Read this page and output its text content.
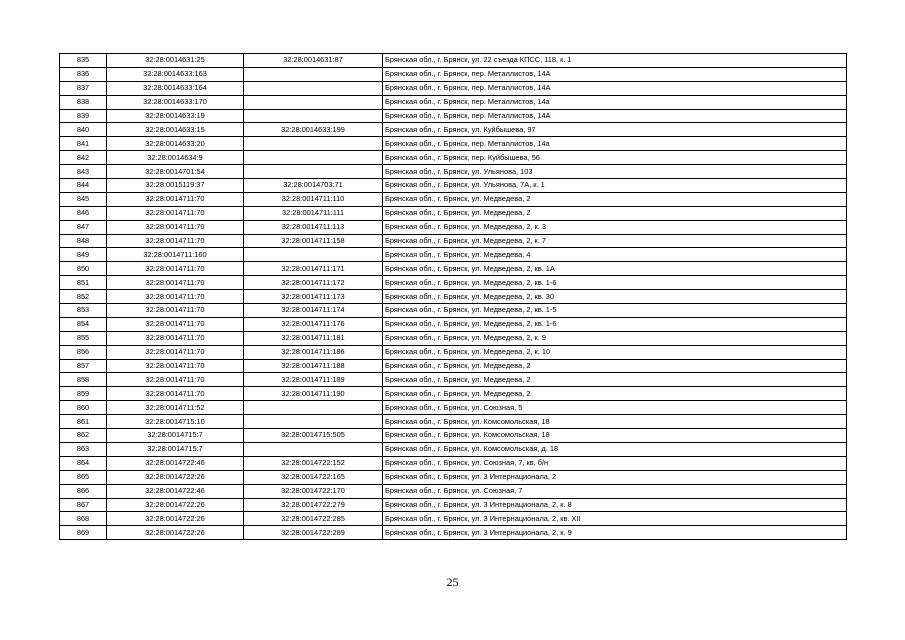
835	32:28:0014631:25	32:28:0014631:87	Брянская обл., г. Брянск, ул. 22 съезда КПСС, 118, к. 1
836	32:28:0014633:163		Брянская обл., г. Брянск, пер. Металлистов, 14А
837	32:28:0014633:164		Брянская обл., г. Брянск, пер. Металлистов, 14А
838	32:28:0014633:170		Брянская обл., г. Брянск, пер. Металлистов, 14а
839	32:28:0014633:19		Брянская обл., г. Брянск, пер. Металлистов, 14А
840	32:28:0014633:15	32:28:0014633:199	Брянская обл., г. Брянск, ул. Куйбышева, 97
841	32:28:0014633:20		Брянская обл., г. Брянск, пер. Металлистов, 14а
842	32:28:0014634:9		Брянская обл., г. Брянск, пер. Куйбышева, 56
843	32:28:0014701:54		Брянская обл., г. Брянск, ул. Ульянова, 103
844	32:28:0015119:37	32:28:0014703:71	Брянская обл., г. Брянск, ул. Ульянова, 7А, к. 1
845	32:28:0014711:70	32:28:0014711:110	Брянская обл., г. Брянск, ул. Медведева, 2
846	32:28:0014711:70	32:28:0014711:111	Брянская обл., г. Брянск, ул. Медведева, 2
847	32:28:0014711:70	32:28:0014711:113	Брянская обл., г. Брянск, ул. Медведева, 2, к. 3
848	32:28:0014711:70	32:28:0014711:158	Брянская обл., г. Брянск, ул. Медведева, 2, к. 7
849	32:28:0014711:160		Брянская обл., г. Брянск, ул. Медведева, 4
850	32:28:0014711:70	32:28:0014711:171	Брянская обл., г. Брянск, ул. Медведева, 2, кв. 1А
851	32:28:0014711:70	32:28:0014711:172	Брянская обл., г. Брянск, ул. Медведева, 2, кв. 1-6
852	32:28:0014711:70	32:28:0014711:173	Брянская обл., г. Брянск, ул. Медведева, 2, кв. 30
853	32:28:0014711:70	32:28:0014711:174	Брянская обл., г. Брянск, ул. Медведева, 2, кв. 1-5
854	32:28:0014711:70	32:28:0014711:176	Брянская обл., г. Брянск, ул. Медведева, 2, кв. 1-6
855	32:28:0014711:70	32:28:0014711:181	Брянская обл., г. Брянск, ул. Медведева, 2, к. 9
856	32:28:0014711:70	32:28:0014711:186	Брянская обл., г. Брянск, ул. Медведева, 2, к. 10
857	32:28:0014711:70	32:28:0014711:188	Брянская обл., г. Брянск, ул. Медведева, 2
858	32:28:0014711:70	32:28:0014711:189	Брянская обл., г. Брянск, ул. Медведева, 2
859	32:28:0014711:70	32:28:0014711:190	Брянская обл., г. Брянск, ул. Медведева, 2
860	32:28:0014711:52		Брянская обл., г. Брянск, ул. Союзная, 5
861	32:28:0014715:10		Брянская обл., г. Брянск, ул. Комсомольская, 18
862	32:28:0014715:7	32:28:0014715:505	Брянская обл., г. Брянск, ул. Комсомольская, 18
863	32:28:0014715:7		Брянская обл., г. Брянск, ул. Комсомольская, д. 18
864	32:28:0014722:46	32:28:0014722:152	Брянская обл., г. Брянск, ул. Союзная, 7, кв. б/н
865	32:28:0014722:26	32:28:0014722:165	Брянская обл., г. Брянск, ул. 3 Интернационала, 2
866	32:28:0014722:46	32:28:0014722:170	Брянская обл., г. Брянск, ул. Союзная, 7
867	32:28:0014722:26	32:28:0014722:279	Брянская обл., г. Брянск, ул. 3 Интернационала, 2, к. 8
868	32:28:0014722:26	32:28:0014722:285	Брянская обл., г. Брянск, ул. 3 Интернационала, 2, кв. XII
869	32:28:0014722:26	32:28:0014722:289	Брянская обл., г. Брянск, ул. 3 Интернационала, 2, к. 9
25
